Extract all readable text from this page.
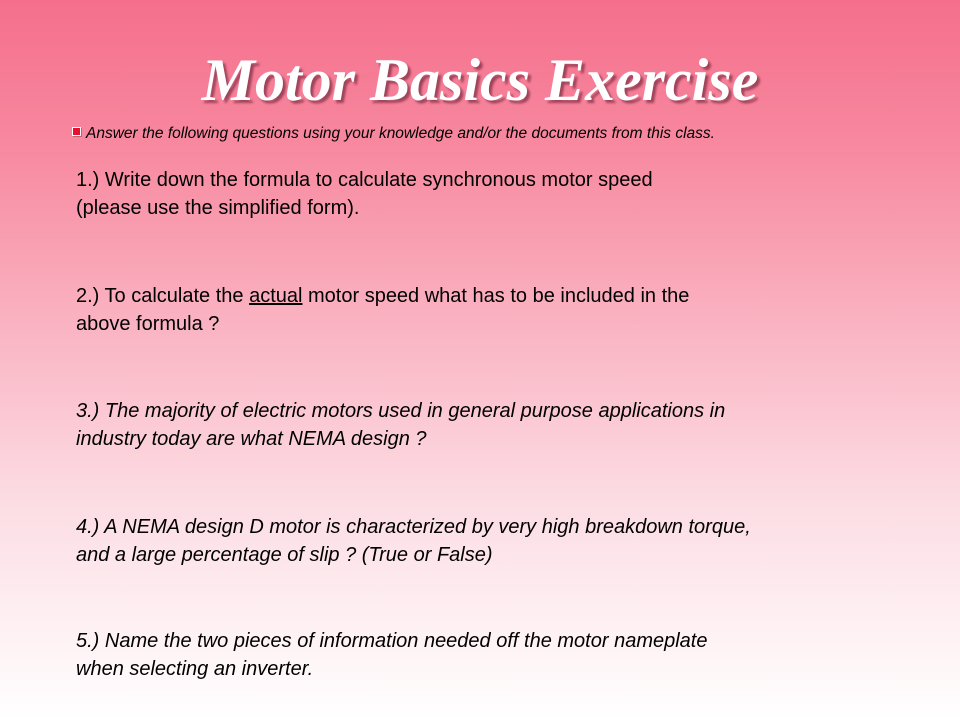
Motor Basics Exercise
Answer the following questions using your knowledge and/or the documents from this class.
1.) Write down the formula to calculate synchronous motor speed
(please use the simplified form).
2.) To calculate the actual motor speed what has to be included in the
above formula ?
3.) The majority of electric motors used in general purpose applications in
industry today are what NEMA design ?
4.) A NEMA design D motor is characterized by very high breakdown torque,
and a large percentage of slip ? (True or False)
5.) Name the two pieces of information needed off the motor nameplate
when selecting an inverter.
